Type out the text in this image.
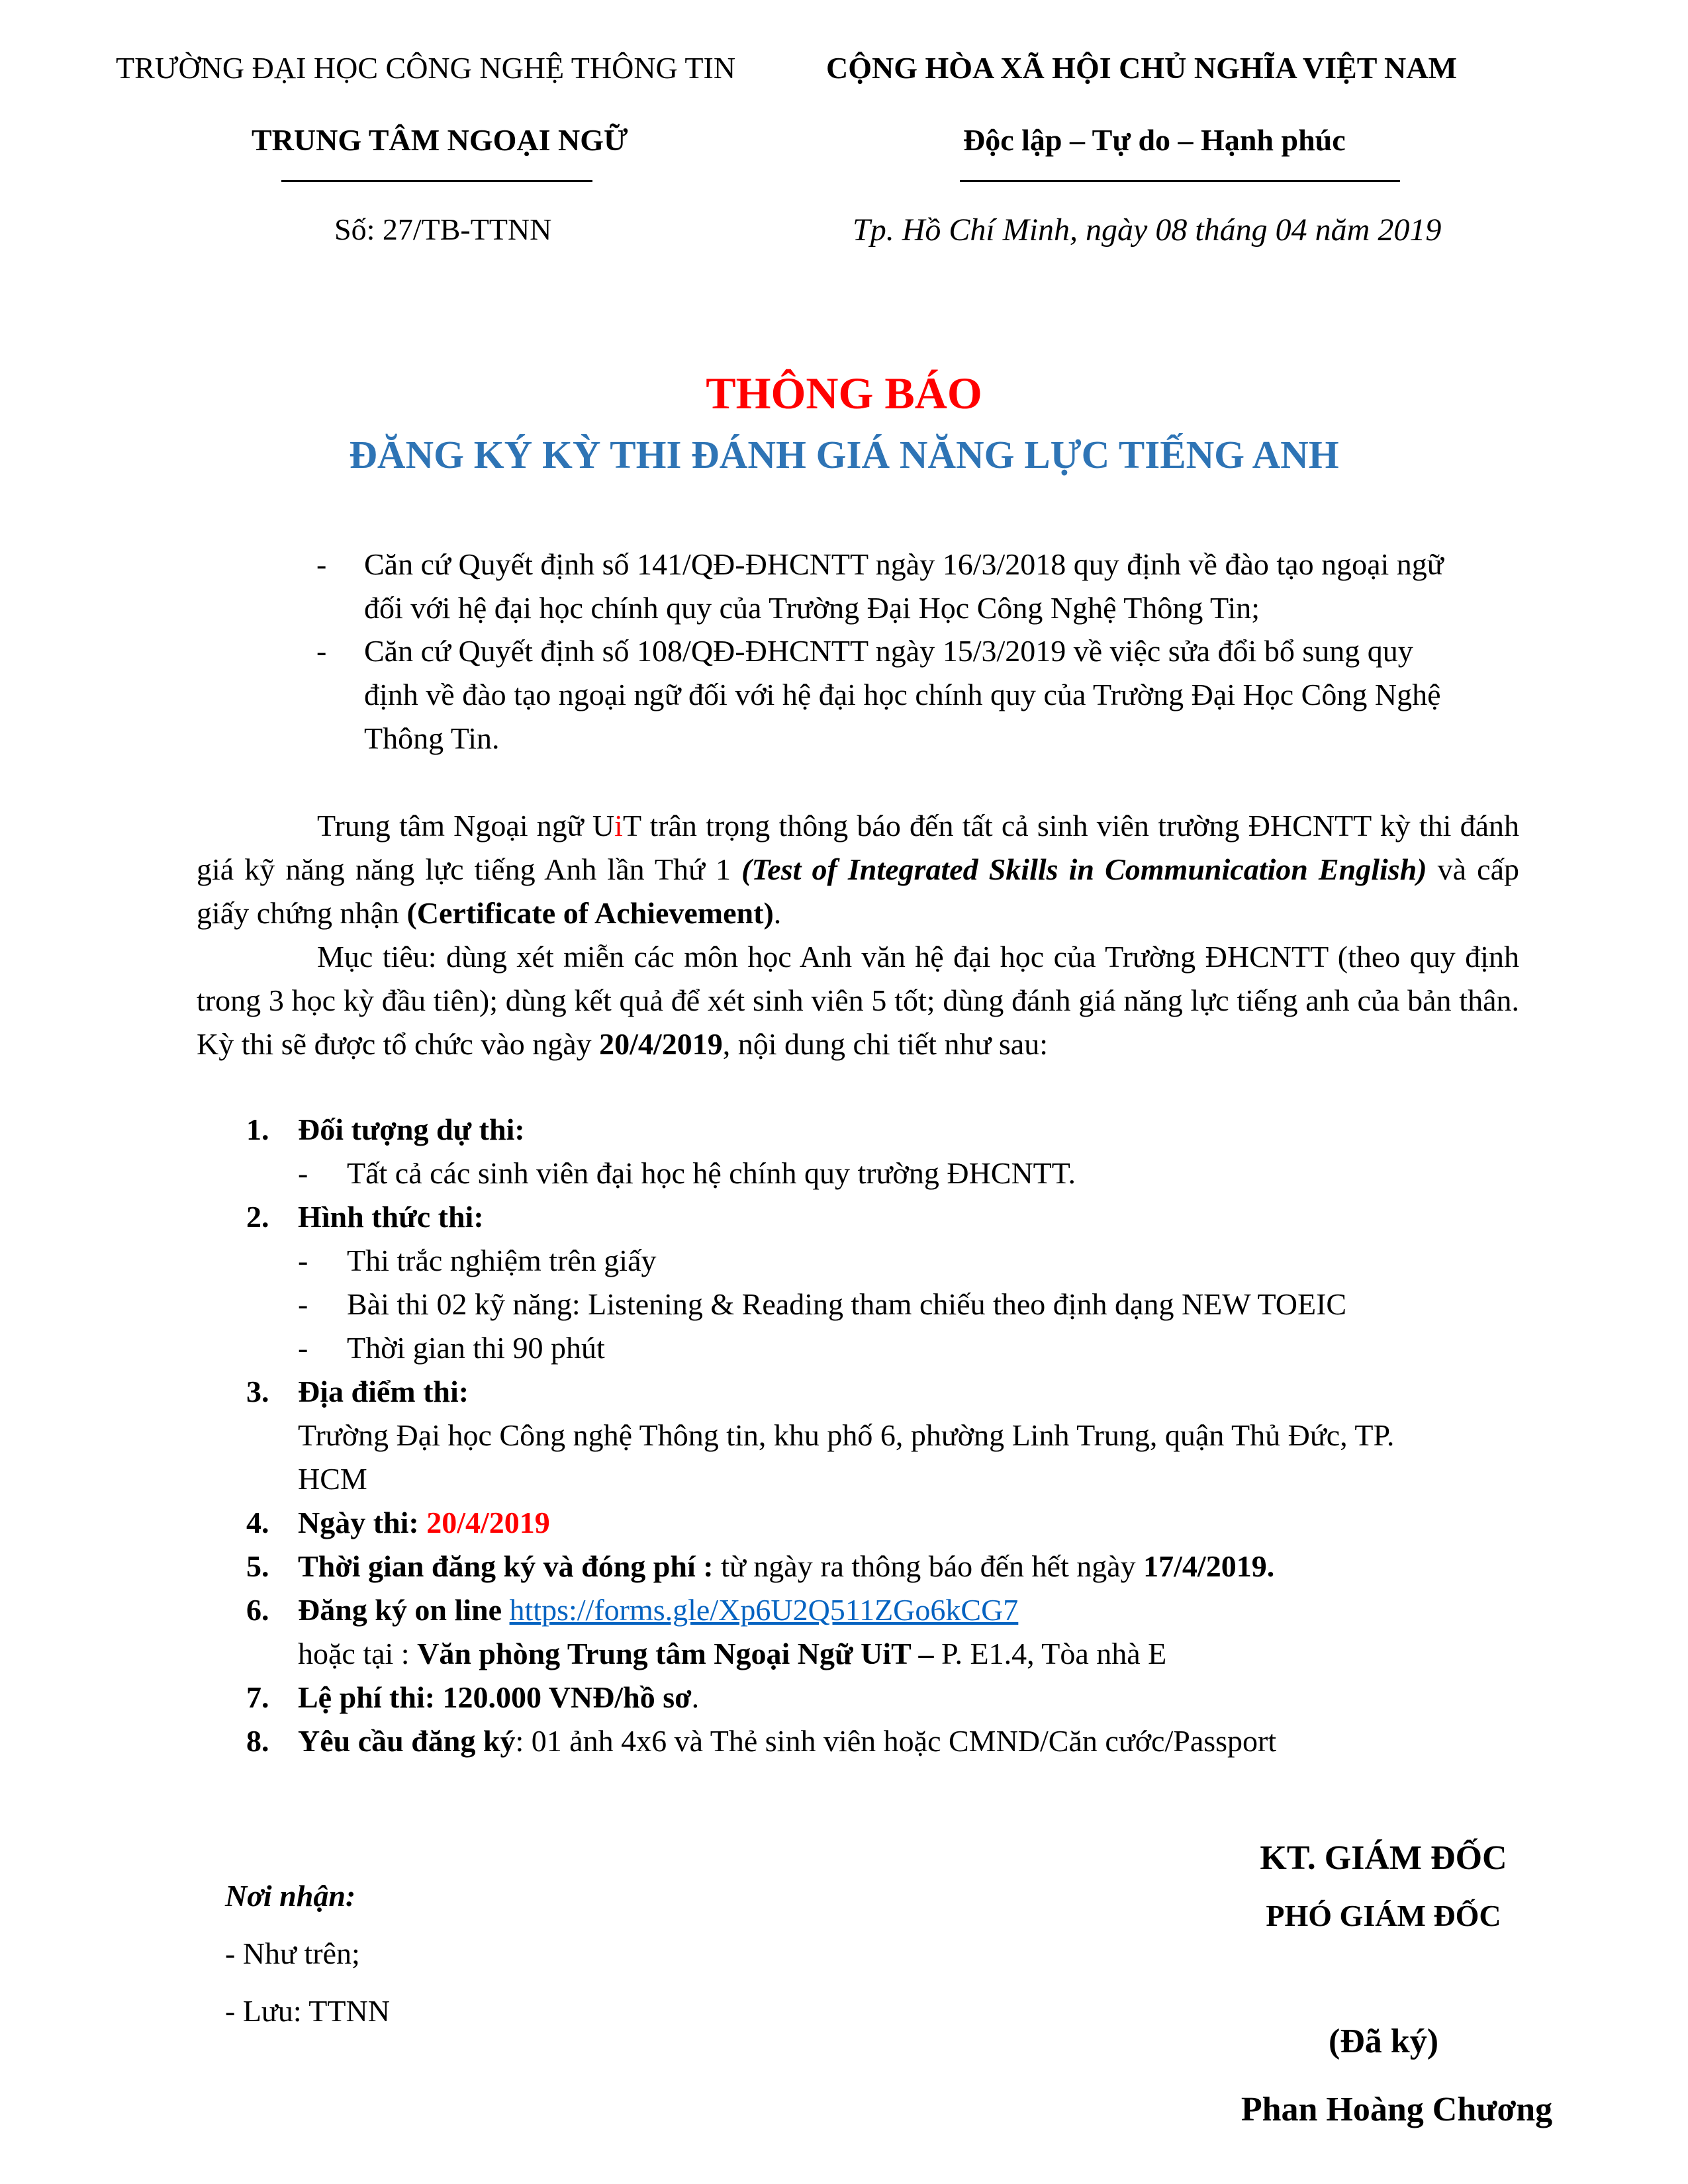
TRƯỜNG ĐẠI HỌC CÔNG NGHỆ THÔNG TIN
TRUNG TÂM NGOẠI NGỮ
Số: 27/TB-TTNN
CỘNG HÒA XÃ HỘI CHỦ NGHĨA VIỆT NAM
Độc lập – Tự do – Hạnh phúc
Tp. Hồ Chí Minh, ngày 08 tháng 04 năm 2019
THÔNG BÁO
ĐĂNG KÝ KỲ THI ĐÁNH GIÁ NĂNG LỰC TIẾNG ANH
- Căn cứ Quyết định số 141/QĐ-ĐHCNTT ngày 16/3/2018 quy định về đào tạo ngoại ngữ
đối với hệ đại học chính quy của Trường Đại Học Công Nghệ Thông Tin;
- Căn cứ Quyết định số 108/QĐ-ĐHCNTT ngày 15/3/2019 về việc sửa đổi bổ sung quy
định về đào tạo ngoại ngữ đối với hệ đại học chính quy của Trường Đại Học Công Nghệ
Thông Tin.
Trung tâm Ngoại ngữ UiT trân trọng thông báo đến tất cả sinh viên trường ĐHCNTT kỳ thi đánh giá kỹ năng năng lực tiếng Anh lần Thứ 1 (Test of Integrated Skills in Communication English) và cấp giấy chứng nhận (Certificate of Achievement).
Mục tiêu: dùng xét miễn các môn học Anh văn hệ đại học của Trường ĐHCNTT (theo quy định trong 3 học kỳ đầu tiên); dùng kết quả để xét sinh viên 5 tốt; dùng đánh giá năng lực tiếng anh của bản thân. Kỳ thi sẽ được tổ chức vào ngày 20/4/2019, nội dung chi tiết như sau:
1. Đối tượng dự thi:
- Tất cả các sinh viên đại học hệ chính quy trường ĐHCNTT.
2. Hình thức thi:
- Thi trắc nghiệm trên giấy
- Bài thi 02 kỹ năng: Listening & Reading tham chiếu theo định dạng NEW TOEIC
- Thời gian thi 90 phút
3. Địa điểm thi:
Trường Đại học Công nghệ Thông tin, khu phố 6, phường Linh Trung, quận Thủ Đức, TP.
HCM
4. Ngày thi: 20/4/2019
5. Thời gian đăng ký và đóng phí : từ ngày ra thông báo đến hết ngày 17/4/2019.
6. Đăng ký on line https://forms.gle/Xp6U2Q511ZGo6kCG7
hoặc tại : Văn phòng Trung tâm Ngoại Ngữ UiT – P. E1.4, Tòa nhà E
7. Lệ phí thi: 120.000 VNĐ/hồ sơ.
8. Yêu cầu đăng ký: 01 ảnh 4x6 và Thẻ sinh viên hoặc CMND/Căn cước/Passport
Nơi nhận:
- Như trên;
- Lưu: TTNN
KT. GIÁM ĐỐC
PHÓ GIÁM ĐỐC
(Đã ký)
Phan Hoàng Chương
